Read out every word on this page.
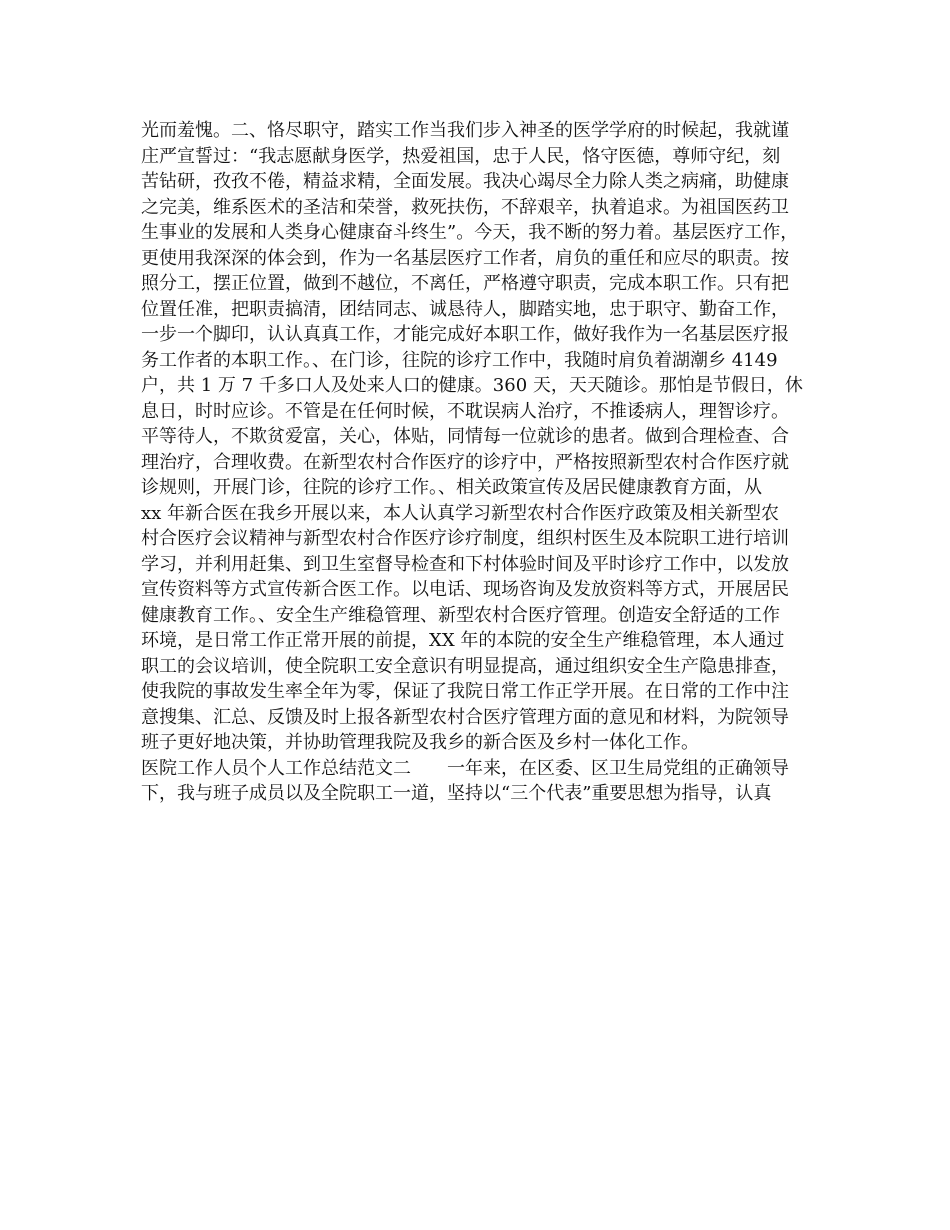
光而羞愧。二、恪尽职守，踏实工作当我们步入神圣的医学学府的时候起，我就谨

庄严宣誓过：“我志愿献身医学，热爱祖国，忠于人民，恪守医德，尊师守纪，刻

苦钻研，孜孜不倦，精益求精，全面发展。我决心竭尽全力除人类之病痛，助健康

之完美，维系医术的圣洁和荣誉，救死扶伤，不辞艰辛，执着追求。为祖国医药卫

生事业的发展和人类身心健康奋斗终生”。今天，我不断的努力着。基层医疗工作，

更使用我深深的体会到，作为一名基层医疗工作者，肩负的重任和应尽的职责。按

照分工，摆正位置，做到不越位，不离任，严格遵守职责，完成本职工作。只有把

位置任准，把职责搞清，团结同志、诚恳待人，脚踏实地，忠于职守、勤奋工作，

一步一个脚印，认认真真工作，才能完成好本职工作，做好我作为一名基层医疗报

务工作者的本职工作。、在门诊，往院的诊疗工作中，我随时肩负着湖潮乡 4149

户，共 1 万 7 千多口人及处来人口的健康。360 天，天天随诊。那怕是节假日，休

息日，时时应诊。不管是在任何时候，不耽误病人治疗，不推诿病人，理智诊疗。

平等待人，不欺贫爱富，关心，体贴，同情每一位就诊的患者。做到合理检查、合

理治疗，合理收费。在新型农村合作医疗的诊疗中，严格按照新型农村合作医疗就

诊规则，开展门诊，往院的诊疗工作。、相关政策宣传及居民健康教育方面，从

xx 年新合医在我乡开展以来，本人认真学习新型农村合作医疗政策及相关新型农

村合医疗会议精神与新型农村合作医疗诊疗制度，组织村医生及本院职工进行培训

学习，并利用赶集、到卫生室督导检查和下村体验时间及平时诊疗工作中，以发放

宣传资料等方式宣传新合医工作。以电话、现场咨询及发放资料等方式，开展居民

健康教育工作。、安全生产维稳管理、新型农村合医疗管理。创造安全舒适的工作

环境，是日常工作正常开展的前提，XX 年的本院的安全生产维稳管理，本人通过

职工的会议培训，使全院职工安全意识有明显提高，通过组织安全生产隐患排查，

使我院的事故发生率全年为零，保证了我院日常工作正学开展。在日常的工作中注

意搜集、汇总、反馈及时上报各新型农村合医疗管理方面的意见和材料，为院领导

班子更好地决策，并协助管理我院及我乡的新合医及乡村一体化工作。

医院工作人员个人工作总结范文二　　一年来，在区委、区卫生局党组的正确领导

下，我与班子成员以及全院职工一道，坚持以“三个代表”重要思想为指导，认真
